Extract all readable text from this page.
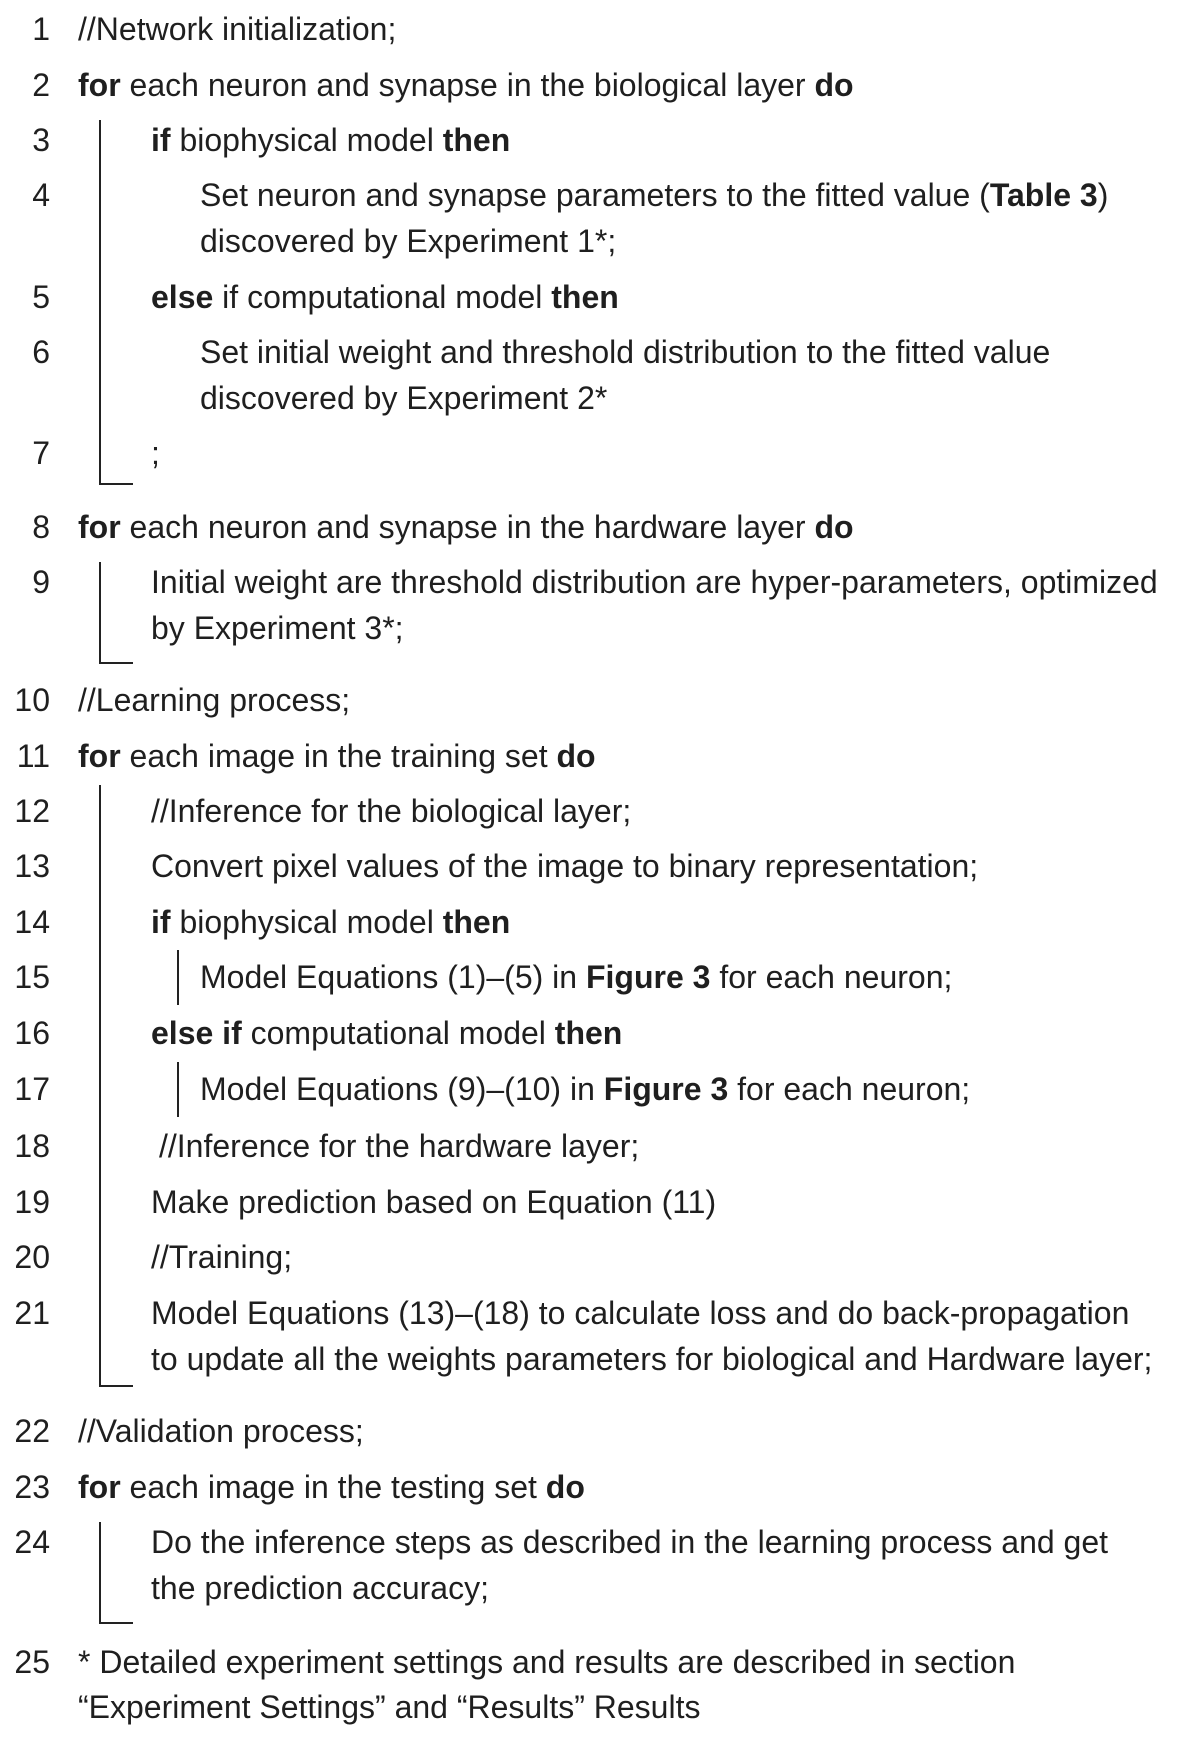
1 //Network initialization;
2 for each neuron and synapse in the biological layer do
3	if biophysical model then
4	Set neuron and synapse parameters to the fitted value (Table 3)
discovered by Experiment 1*;
5	else if computational model then
6	Set initial weight and threshold distribution to the fitted value
discovered by Experiment 2*
7	;
8 for each neuron and synapse in the hardware layer do
9	Initial weight are threshold distribution are hyper-parameters, optimized
by Experiment 3*;
10 //Learning process;
11 for each image in the training set do
12	//Inference for the biological layer;
13	Convert pixel values of the image to binary representation;
14	if biophysical model then
15	Model Equations (1)–(5) in Figure 3 for each neuron;
16	else if computational model then
17	Model Equations (9)–(10) in Figure 3 for each neuron;
18	//Inference for the hardware layer;
19	Make prediction based on Equation (11)
20	//Training;
21	Model Equations (13)–(18) to calculate loss and do back-propagation
to update all the weights parameters for biological and Hardware layer;
22 //Validation process;
23 for each image in the testing set do
24	Do the inference steps as described in the learning process and get
the prediction accuracy;
25 * Detailed experiment settings and results are described in section
“Experiment Settings” and “Results” Results
